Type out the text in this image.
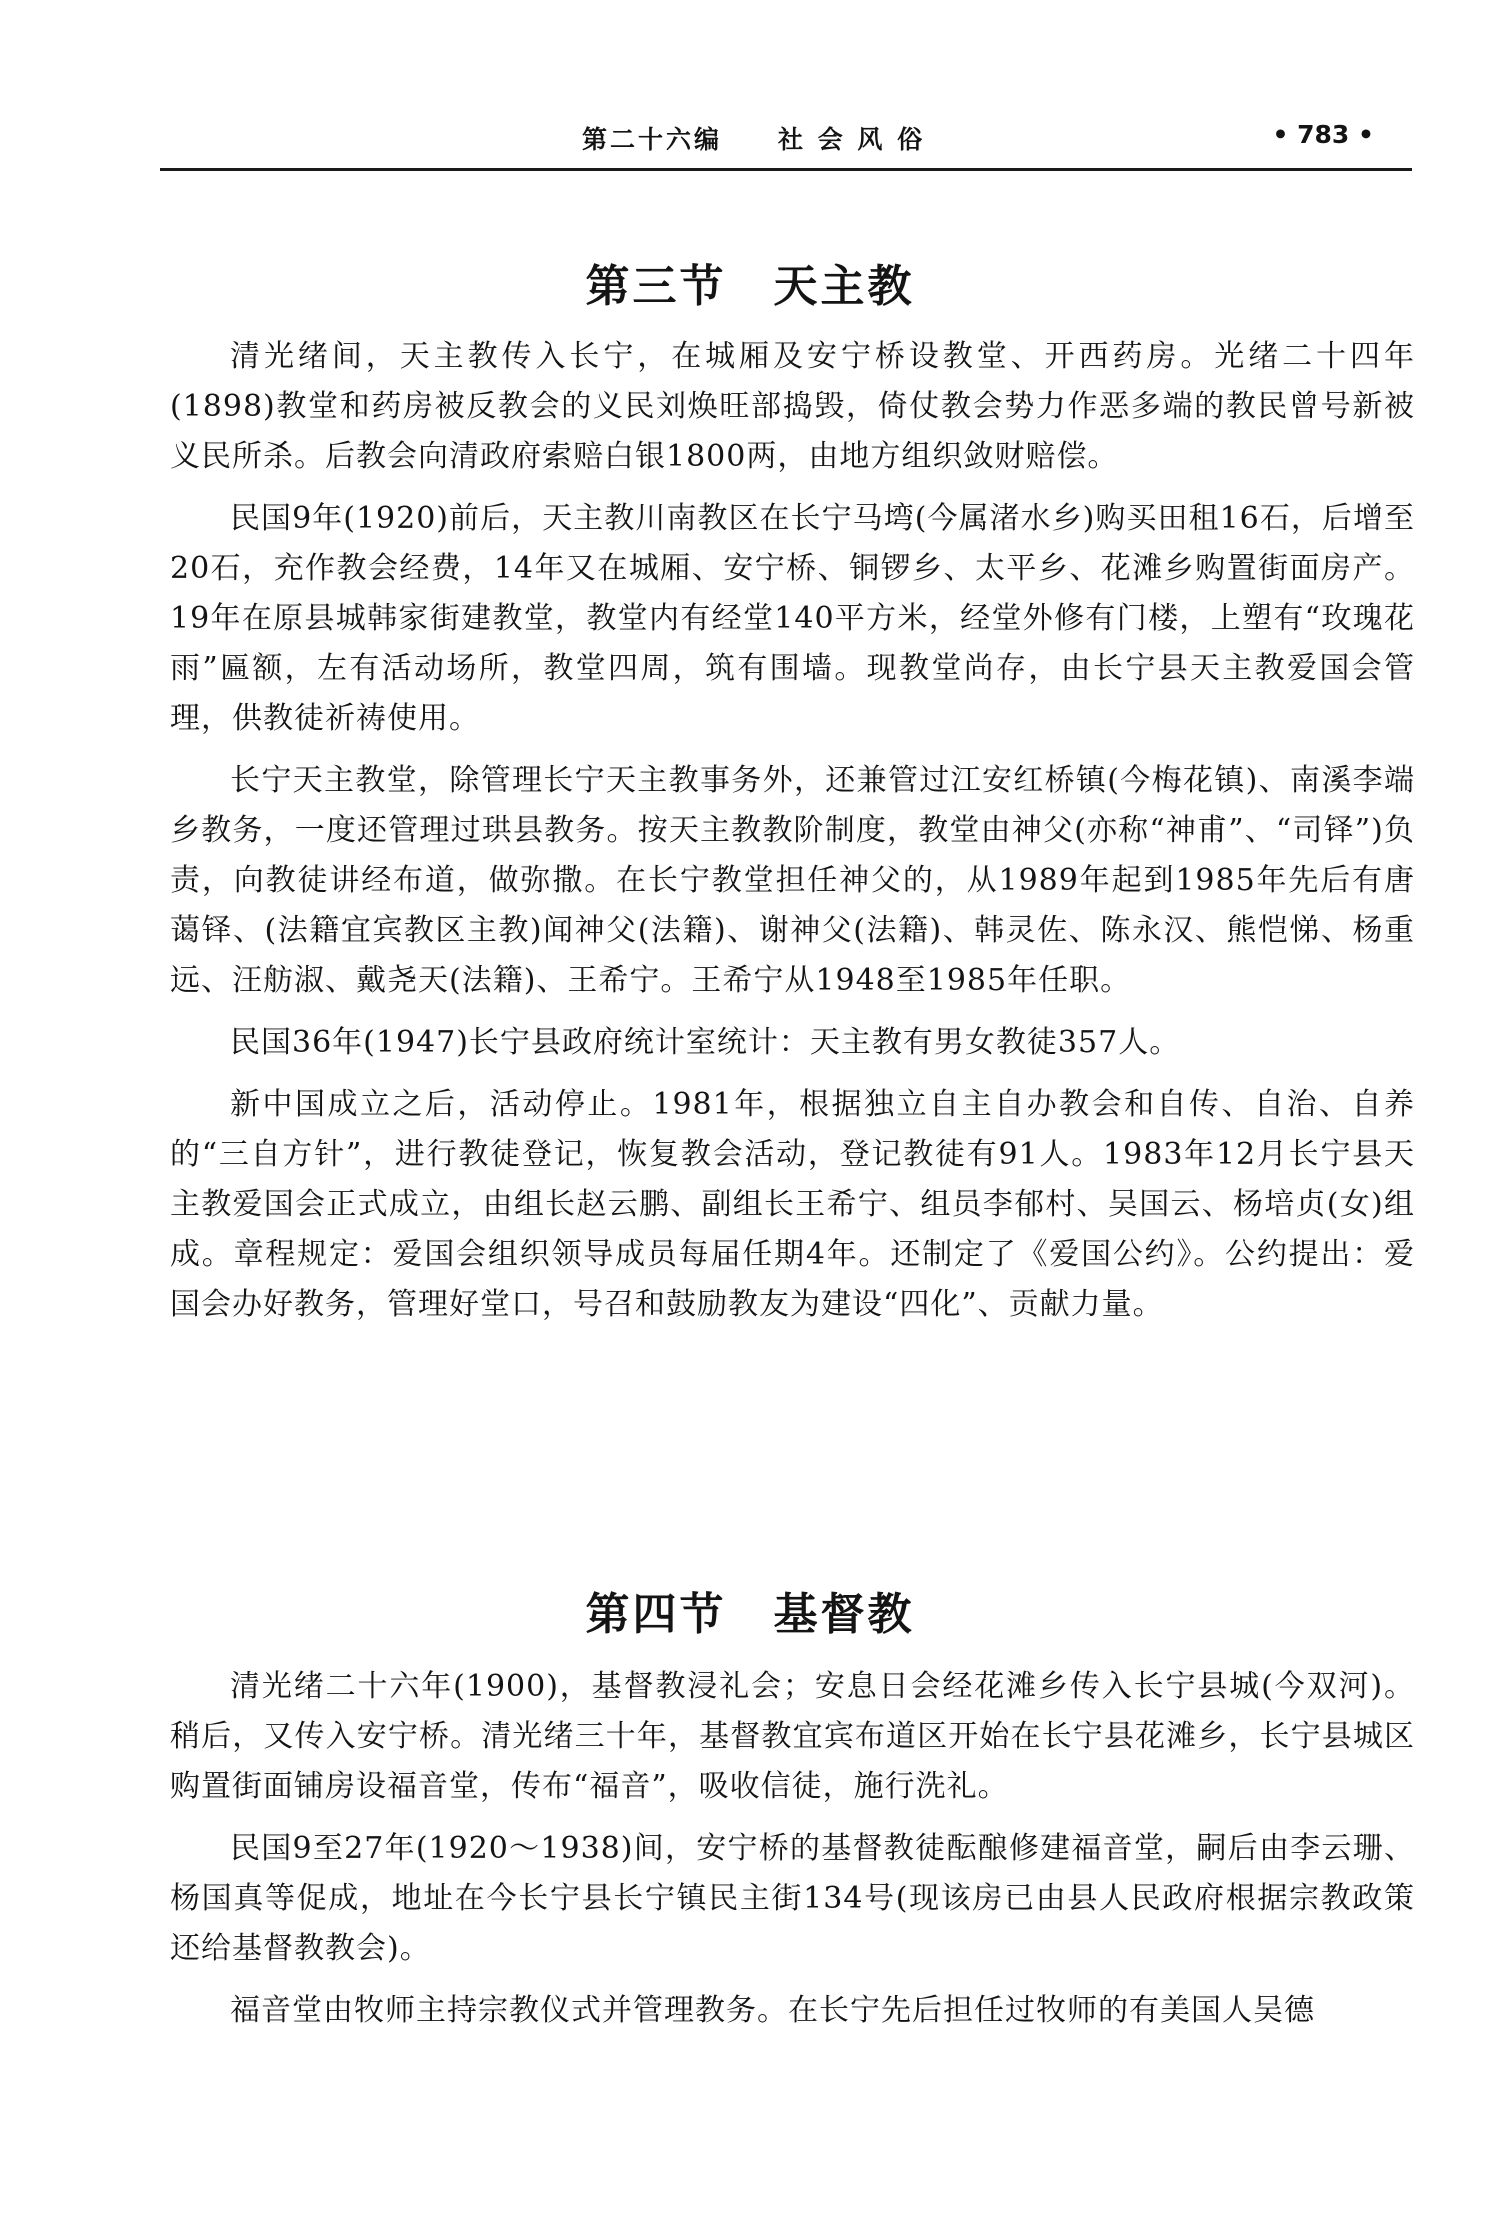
第二十六编　　社 会 风 俗	• 783 •
第三节　天主教

清光绪间，天主教传入长宁，在城厢及安宁桥设教堂、开西药房。光绪二十四年(1898)教堂和药房被反教会的义民刘焕旺部捣毁，倚仗教会势力作恶多端的教民曾号新被义民所杀。后教会向清政府索赔白银1800两，由地方组织敛财赔偿。

民国9年(1920)前后，天主教川南教区在长宁马塆(今属渚水乡)购买田租16石，后增至20石，充作教会经费，14年又在城厢、安宁桥、铜锣乡、太平乡、花滩乡购置街面房产。19年在原县城韩家街建教堂，教堂内有经堂140平方米，经堂外修有门楼，上塑有“玫瑰花雨”匾额，左有活动场所，教堂四周，筑有围墙。现教堂尚存，由长宁县天主教爱国会管理，供教徒祈祷使用。

长宁天主教堂，除管理长宁天主教事务外，还兼管过江安红桥镇(今梅花镇)、南溪李端乡教务，一度还管理过珙县教务。按天主教教阶制度，教堂由神父(亦称“神甫”、“司铎”)负责，向教徒讲经布道，做弥撒。在长宁教堂担任神父的，从1989年起到1985年先后有唐蔼铎、(法籍宜宾教区主教)闻神父(法籍)、谢神父(法籍)、韩灵佐、陈永汉、熊恺悌、杨重远、汪舫淑、戴尧天(法籍)、王希宁。王希宁从1948至1985年任职。

民国36年(1947)长宁县政府统计室统计：天主教有男女教徒357人。

新中国成立之后，活动停止。1981年，根据独立自主自办教会和自传、自治、自养的“三自方针”，进行教徒登记，恢复教会活动，登记教徒有91人。1983年12月长宁县天主教爱国会正式成立，由组长赵云鹏、副组长王希宁、组员李郁村、吴国云、杨培贞(女)组成。章程规定：爱国会组织领导成员每届任期4年。还制定了《爱国公约》。公约提出：爱国会办好教务，管理好堂口，号召和鼓励教友为建设“四化”、贡献力量。

第四节　基督教

清光绪二十六年(1900)，基督教浸礼会；安息日会经花滩乡传入长宁县城(今双河)。稍后，又传入安宁桥。清光绪三十年，基督教宜宾布道区开始在长宁县花滩乡，长宁县城区购置街面铺房设福音堂，传布“福音”，吸收信徒，施行洗礼。

民国9至27年(1920～1938)间，安宁桥的基督教徒酝酿修建福音堂，嗣后由李云珊、杨国真等促成，地址在今长宁县长宁镇民主街134号(现该房已由县人民政府根据宗教政策还给基督教教会)。

福音堂由牧师主持宗教仪式并管理教务。在长宁先后担任过牧师的有美国人吴德
